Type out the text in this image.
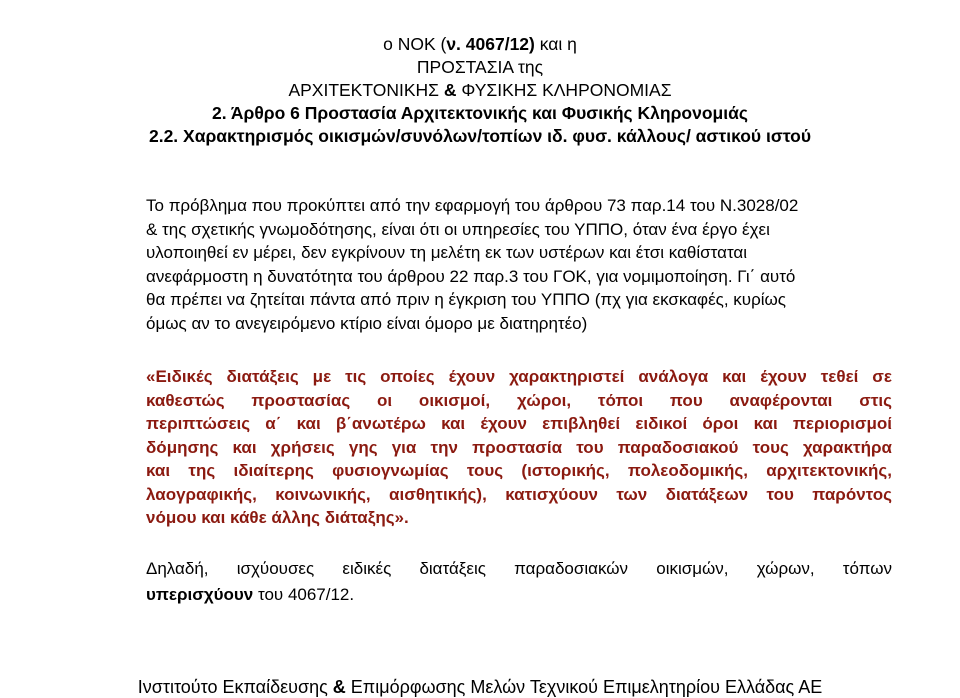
ο ΝΟΚ (ν. 4067/12) και η
ΠΡΟΣΤΑΣΙΑ της
ΑΡΧΙΤΕΚΤΟΝΙΚΗΣ & ΦΥΣΙΚΗΣ ΚΛΗΡΟΝΟΜΙΑΣ
2. Άρθρο 6 Προστασία Αρχιτεκτονικής και Φυσικής Κληρονομιάς
2.2. Χαρακτηρισμός οικισμών/συνόλων/τοπίων ιδ. φυσ. κάλλους/ αστικού ιστού
Το πρόβλημα που προκύπτει από την εφαρμογή του άρθρου 73 παρ.14 του Ν.3028/02
& της σχετικής γνωμοδότησης, είναι ότι οι υπηρεσίες του ΥΠΠΟ, όταν ένα έργο έχει
υλοποιηθεί εν μέρει, δεν εγκρίνουν τη μελέτη εκ των υστέρων και έτσι καθίσταται
ανεφάρμοστη η δυνατότητα του άρθρου 22 παρ.3 του ΓΟΚ, για νομιμοποίηση. Γι΄ αυτό
θα πρέπει να ζητείται πάντα από πριν η έγκριση του ΥΠΠΟ (πχ για εκσκαφές, κυρίως
όμως αν το ανεγειρόμενο κτίριο είναι όμορο με διατηρητέο)
«Ειδικές διατάξεις με τις οποίες έχουν χαρακτηριστεί ανάλογα και έχουν τεθεί σε
καθεστώς προστασίας οι οικισμοί, χώροι, τόποι που αναφέρονται στις
περιπτώσεις α΄ και β΄ανωτέρω και έχουν επιβληθεί ειδικοί όροι και περιορισμοί
δόμησης και χρήσεις γης για την προστασία του παραδοσιακού τους χαρακτήρα
και της ιδιαίτερης φυσιογνωμίας τους (ιστορικής, πολεοδομικής, αρχιτεκτονικής,
λαογραφικής, κοινωνικής, αισθητικής), κατισχύουν των διατάξεων του παρόντος
νόμου και κάθε άλλης διάταξης».
Δηλαδή, ισχύουσες ειδικές διατάξεις παραδοσιακών οικισμών, χώρων, τόπων
υπερισχύουν του 4067/12.
Ινστιτούτο Εκπαίδευσης & Επιμόρφωσης Μελών Τεχνικού Επιμελητηρίου Ελλάδας ΑΕ
